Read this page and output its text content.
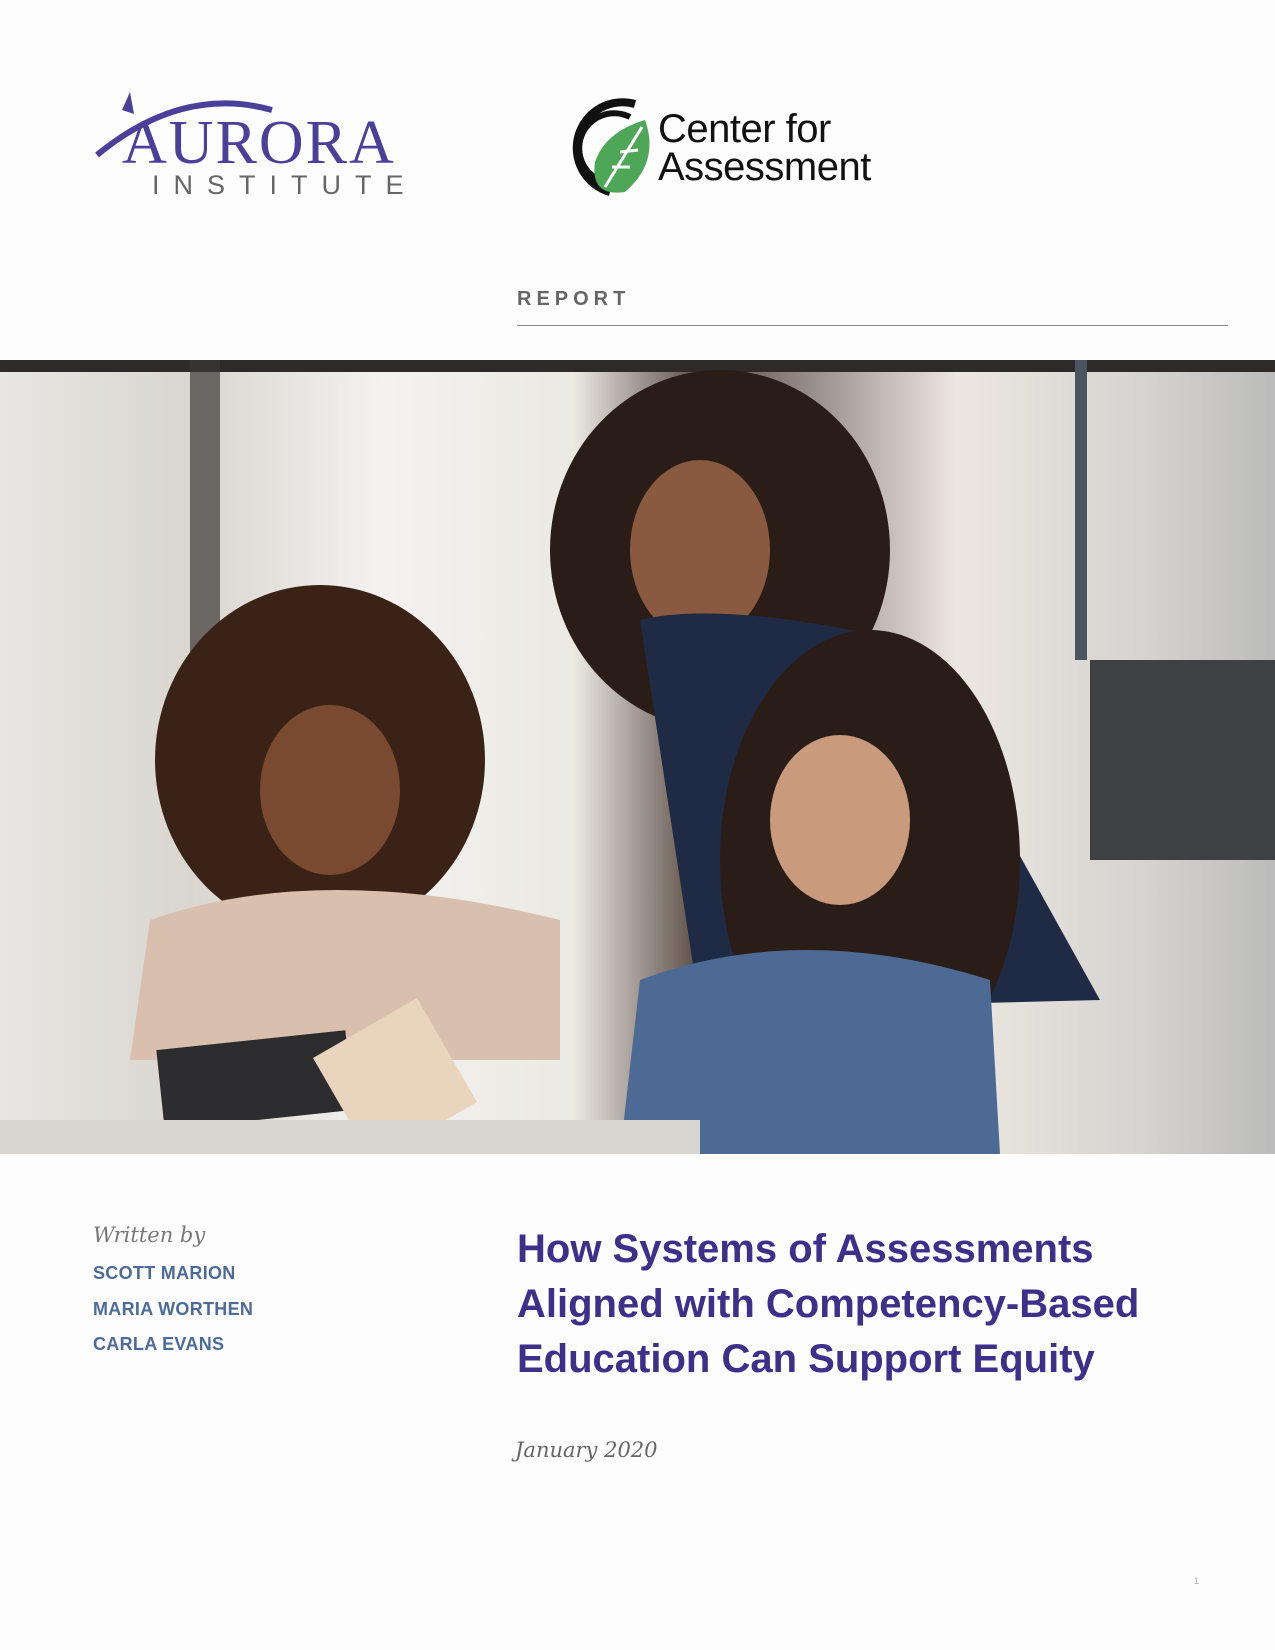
AURORA
INSTITUTE
Center for
Assessment
REPORT
Written by
SCOTT MARION
MARIA WORTHEN
CARLA EVANS
How Systems of Assessments
Aligned with Competency-Based
Education Can Support Equity
January 2020
1
